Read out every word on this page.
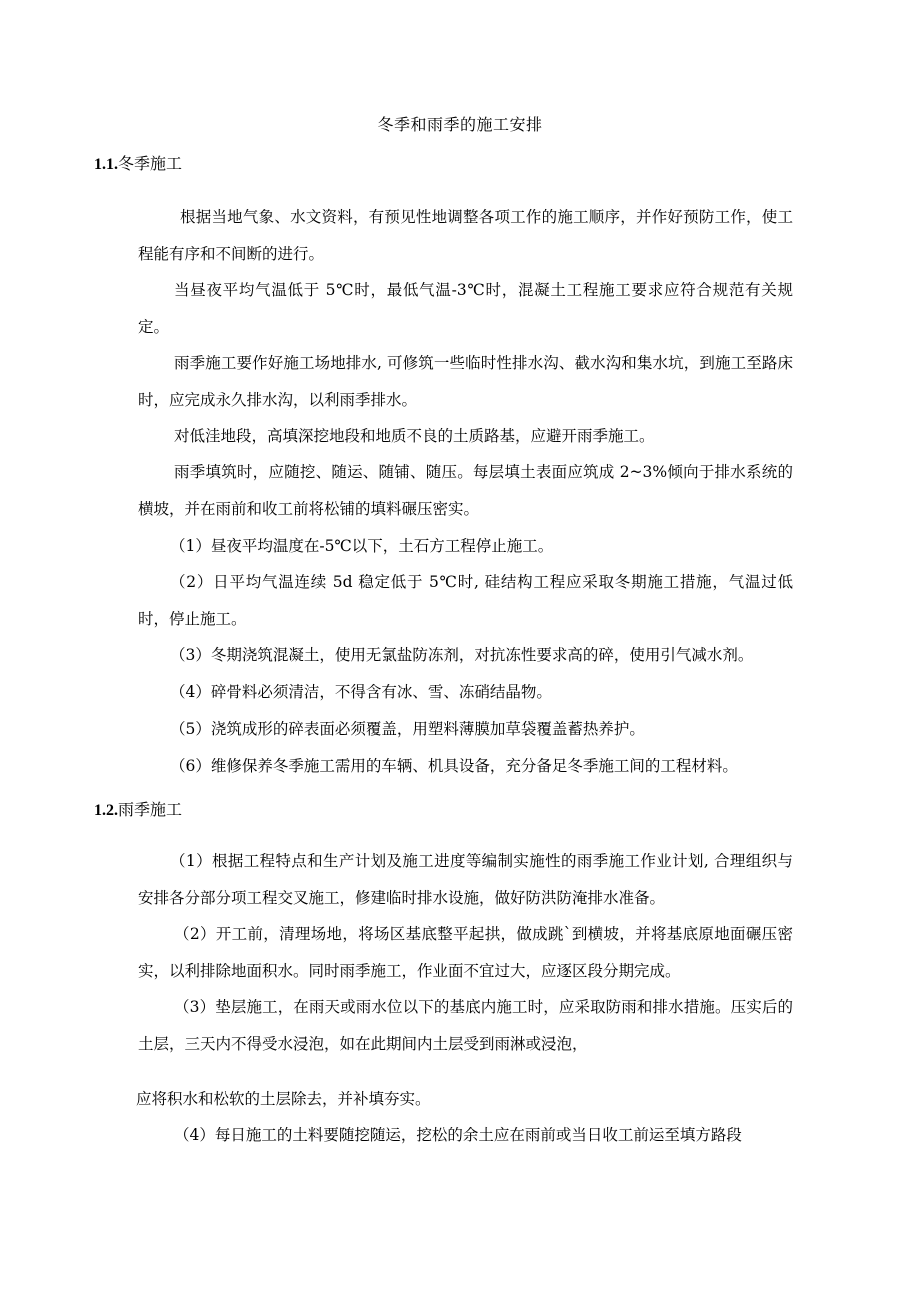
冬季和雨季的施工安排
1.1.冬季施工

根据当地气象、水文资料，有预见性地调整各项工作的施工顺序，并作好预防工作，使工程能有序和不间断的进行。

当昼夜平均气温低于 5℃时，最低气温-3℃时，混凝土工程施工要求应符合规范有关规定。

雨季施工要作好施工场地排水, 可修筑一些临时性排水沟、截水沟和集水坑，到施工至路床时，应完成永久排水沟，以利雨季排水。

对低洼地段，高填深挖地段和地质不良的土质路基，应避开雨季施工。

雨季填筑时，应随挖、随运、随铺、随压。每层填土表面应筑成 2~3%倾向于排水系统的横坡，并在雨前和收工前将松铺的填料碾压密实。

（1）昼夜平均温度在-5℃以下，土石方工程停止施工。

（2）日平均气温连续 5d 稳定低于 5℃时, 硅结构工程应采取冬期施工措施，气温过低时，停止施工。

（3）冬期浇筑混凝土，使用无氯盐防冻剂，对抗冻性要求高的碎，使用引气减水剂。

（4）碎骨料必须清洁，不得含有冰、雪、冻硝结晶物。

（5）浇筑成形的碎表面必须覆盖，用塑料薄膜加草袋覆盖蓄热养护。

（6）维修保养冬季施工需用的车辆、机具设备，充分备足冬季施工间的工程材料。

1.2.雨季施工

（1）根据工程特点和生产计划及施工进度等编制实施性的雨季施工作业计划, 合理组织与安排各分部分项工程交叉施工，修建临时排水设施，做好防洪防淹排水准备。

（2）开工前，清理场地，将场区基底整平起拱，做成跳`到横坡，并将基底原地面碾压密实，以利排除地面积水。同时雨季施工，作业面不宜过大，应逐区段分期完成。

（3）垫层施工，在雨天或雨水位以下的基底内施工时，应采取防雨和排水措施。压实后的土层，三天内不得受水浸泡，如在此期间内土层受到雨淋或浸泡，

应将积水和松软的土层除去，并补填夯实。

（4）每日施工的土料要随挖随运，挖松的余土应在雨前或当日收工前运至填方路段
